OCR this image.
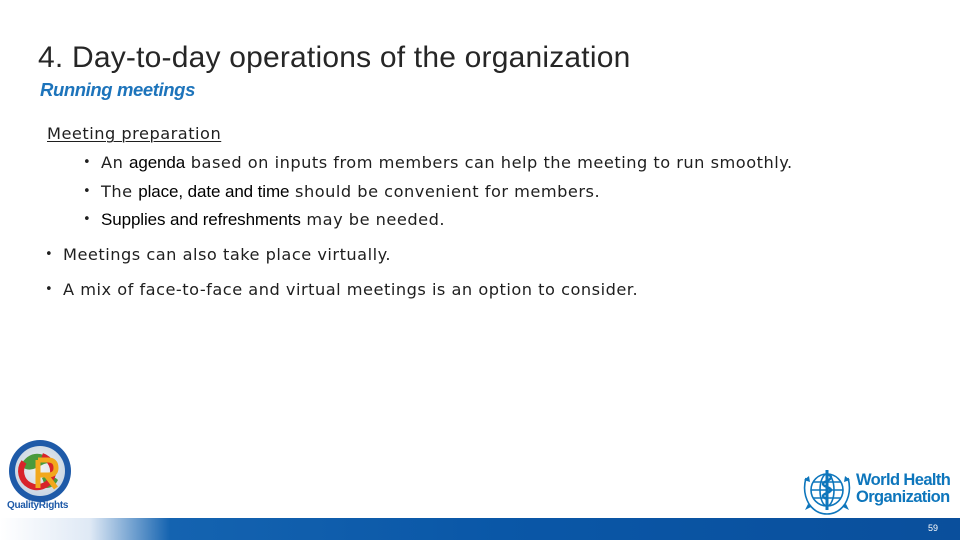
4. Day-to-day operations of the organization
Running meetings
Meeting preparation
• An agenda based on inputs from members can help the meeting to run smoothly.
• The place, date and time should be convenient for members.
• Supplies and refreshments may be needed.
• Meetings can also take place virtually.
• A mix of face-to-face and virtual meetings is an option to consider.
QualityRights
World Health
Organization
59
